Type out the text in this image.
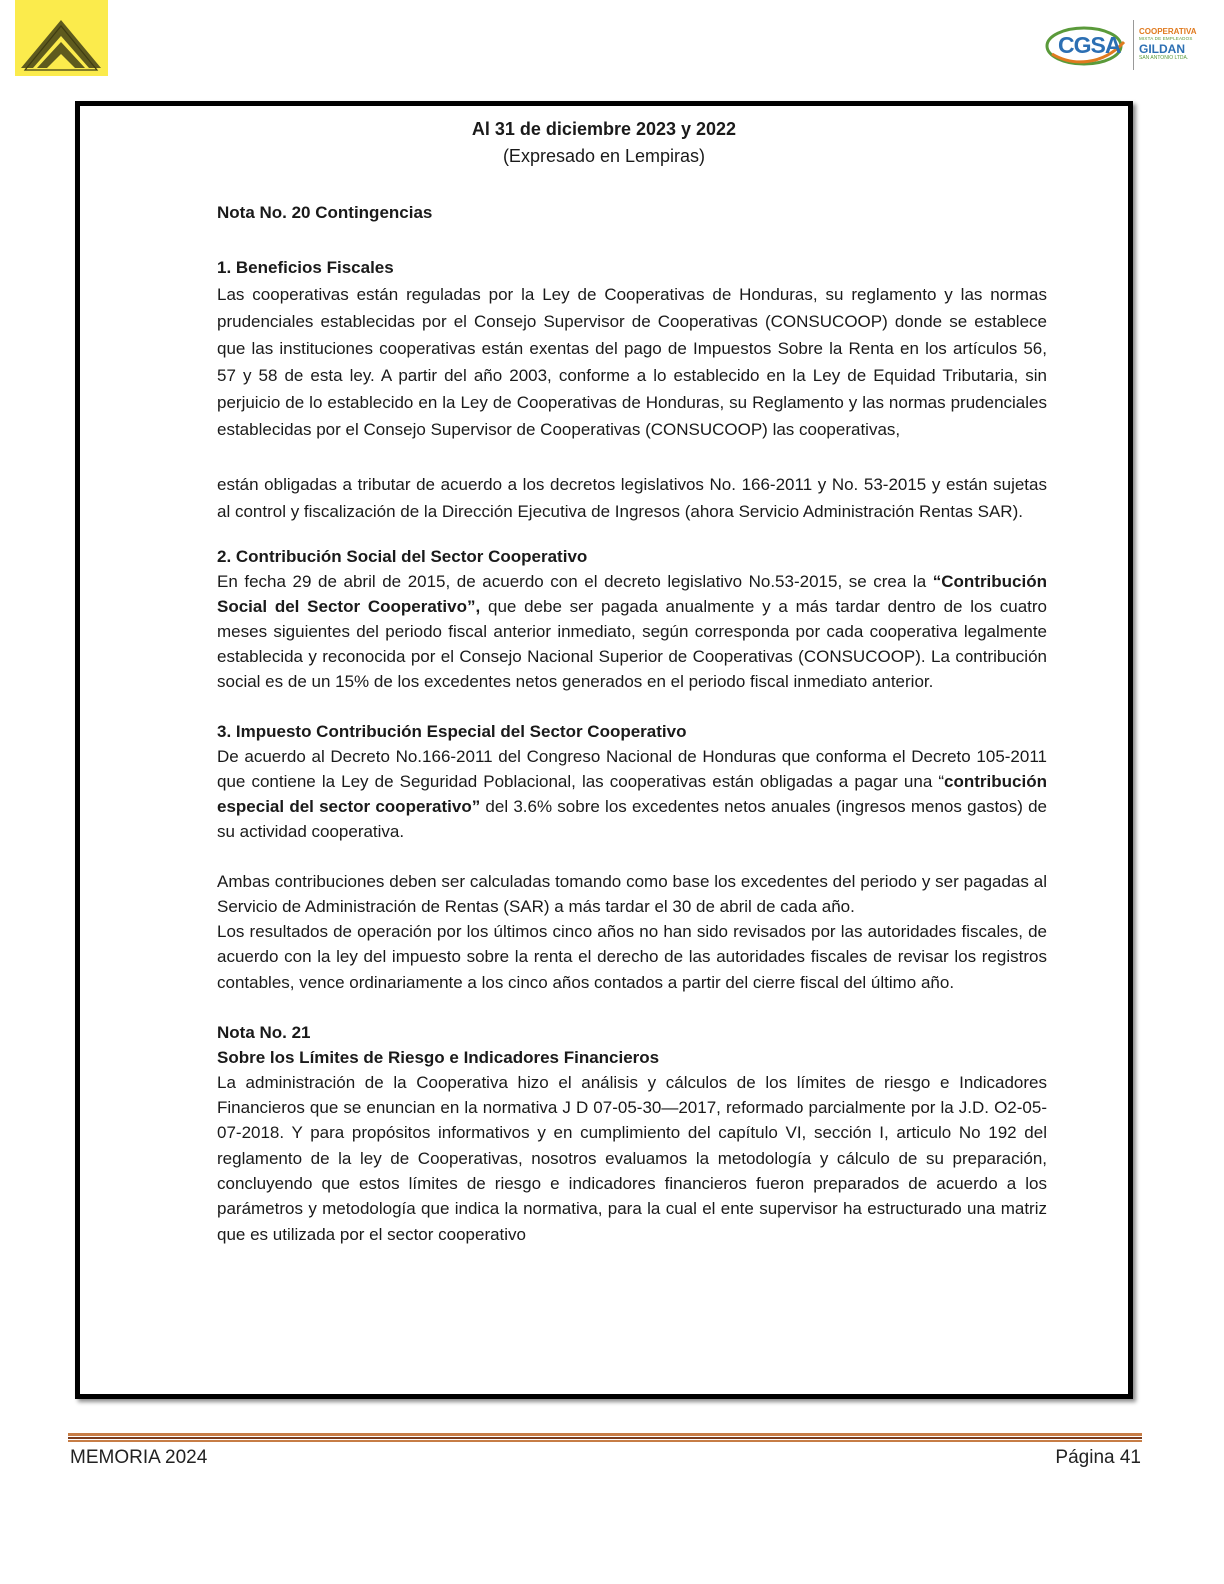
CGSA
COOPERATIVA
MIXTA DE EMPLEADOS
GILDAN
SAN ANTONIO LTDA.
Al 31 de diciembre 2023 y 2022
(Expresado en Lempiras)
Nota No. 20 Contingencias
1. Beneficios Fiscales

Las cooperativas están reguladas por la Ley de Cooperativas de Honduras, su reglamento y las normas prudenciales establecidas por el Consejo Supervisor de Cooperativas (CONSUCOOP) donde se establece que las instituciones cooperativas están exentas del pago de Impuestos Sobre la Renta en los artículos 56, 57 y 58 de esta ley. A partir del año 2003, conforme a lo establecido en la Ley de Equidad Tributaria, sin perjuicio de lo establecido en la Ley de Cooperativas de Honduras, su Reglamento y las normas prudenciales establecidas por el Consejo Supervisor de Cooperativas (CONSUCOOP) las cooperativas,

están obligadas a tributar de acuerdo a los decretos legislativos No. 166-2011 y No. 53-2015 y están sujetas al control y fiscalización de la Dirección Ejecutiva de Ingresos (ahora Servicio Administración Rentas SAR).

2. Contribución Social del Sector Cooperativo

En fecha 29 de abril de 2015, de acuerdo con el decreto legislativo No.53-2015, se crea la “Contribución Social del Sector Cooperativo”, que debe ser pagada anualmente y a más tardar dentro de los cuatro meses siguientes del periodo fiscal anterior inmediato, según corresponda por cada cooperativa legalmente establecida y reconocida por el Consejo Nacional Superior de Cooperativas (CONSUCOOP). La contribución social es de un 15% de los excedentes netos generados en el periodo fiscal inmediato anterior.

3. Impuesto Contribución Especial del Sector Cooperativo

De acuerdo al Decreto No.166-2011 del Congreso Nacional de Honduras que conforma el Decreto 105-2011 que contiene la Ley de Seguridad Poblacional, las cooperativas están obligadas a pagar una “contribución especial del sector cooperativo” del 3.6% sobre los excedentes netos anuales (ingresos menos gastos) de su actividad cooperativa.

Ambas contribuciones deben ser calculadas tomando como base los excedentes del periodo y ser pagadas al Servicio de Administración de Rentas (SAR) a más tardar el 30 de abril de cada año.

Los resultados de operación por los últimos cinco años no han sido revisados por las autoridades fiscales, de acuerdo con la ley del impuesto sobre la renta el derecho de las autoridades fiscales de revisar los registros contables, vence ordinariamente a los cinco años contados a partir del cierre fiscal del último año.

Nota No. 21
Sobre los Límites de Riesgo e Indicadores Financieros

La administración de la Cooperativa hizo el análisis y cálculos de los límites de riesgo e Indicadores Financieros que se enuncian en la normativa J D 07-05-30—2017, reformado parcialmente por la J.D. O2-05-07-2018. Y para propósitos informativos y en cumplimiento del capítulo VI, sección I, articulo No 192 del reglamento de la ley de Cooperativas, nosotros evaluamos la metodología y cálculo de su preparación, concluyendo que estos límites de riesgo e indicadores financieros fueron preparados de acuerdo a los parámetros y metodología que indica la normativa, para la cual el ente supervisor ha estructurado una matriz que es utilizada por el sector cooperativo

MEMORIA 2024	Página 41
